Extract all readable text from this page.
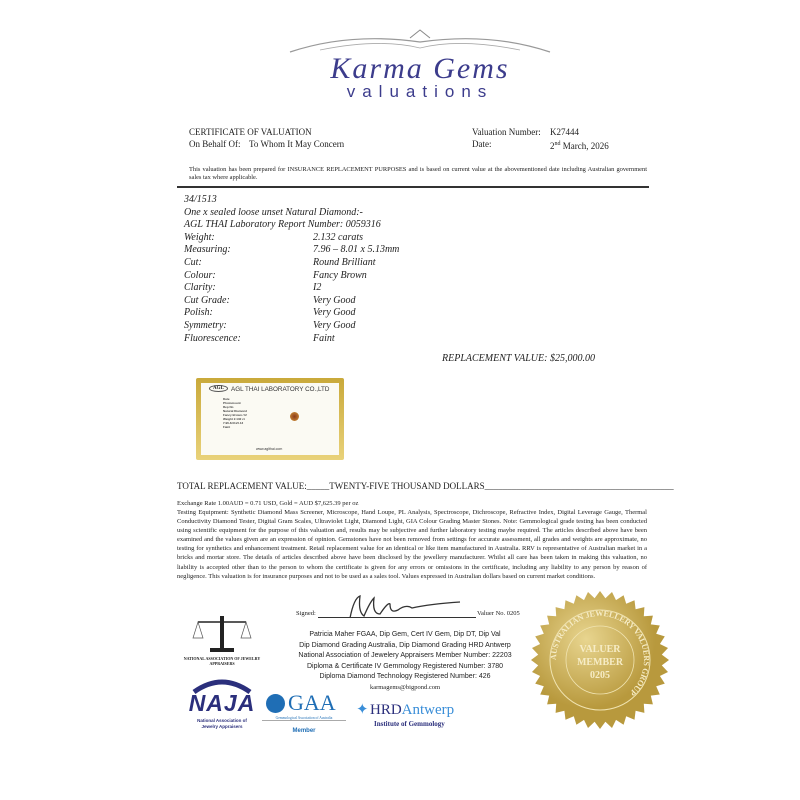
Karma Gems
valuations
CERTIFICATE OF VALUATION
On Behalf Of: To Whom It May Concern
Valuation Number: K27444
Date:	2nd March, 2026
This valuation has been prepared for INSURANCE REPLACEMENT PURPOSES and is based on current value at the abovementioned date including Australian government sales tax where applicable.
34/1513
One x sealed loose unset Natural Diamond:-
AGL THAI Laboratory Report Number: 0059316
Weight:	2.132 carats
Measuring:	7.96 – 8.01 x 5.13mm
Cut:	Round Brilliant
Colour:	Fancy Brown
Clarity:	I2
Cut Grade:	Very Good
Polish:	Very Good
Symmetry:	Very Good
Fluorescence:	Faint
REPLACEMENT VALUE: $25,000.00
AGL	AGL THAI LABORATORY CO.,LTD
Date
Photomount
Rep No
Natural Diamond
Fancy Brown / I2
Weight 2.132 ct
7.96-8.01x5.13
Faint
www.aglthai.com
TOTAL REPLACEMENT VALUE:_____TWENTY-FIVE THOUSAND DOLLARS__________________________________________
Exchange Rate 1.00AUD = 0.71 USD, Gold = AUD $7,625.39 per oz
Testing Equipment: Synthetic Diamond Mass Screener, Microscope, Hand Loupe, PL Analysis, Spectroscope, Dichroscope, Refractive Index, Digital Leverage Gauge, Thermal Conductivity Diamond Tester, Digital Gram Scales, Ultraviolet Light, Diamond Light, GIA Colour Grading Master Stones. Note: Gemmological grade testing has been conducted using scientific equipment for the purpose of this valuation and, results may be subjective and further laboratory testing maybe required. The articles described above have been examined and the values given are an expression of opinion. Gemstones have not been removed from settings for accurate assessment, all grades and weights are approximate, no testing for synthetics and enhancement treatment. Retail replacement value for an identical or like item manufactured in Australia. RRV is representative of Australian market in a bricks and mortar store. The details of articles described above have been disclosed by the jewellery manufacturer. Whilst all care has been taken in making this valuation, no liability is accepted other than to the person to whom the certificate is given for any errors or omissions in the certificate, including any liability to any person by reason of negligence. This valuation is for insurance purposes and not to be used as a sales tool. Values expressed in Australian dollars based on current market conditions.
Signed:	Valuer No. 0205
Patricia Maher FGAA, Dip Gem, Cert IV Gem, Dip DT, Dip Val
Dip Diamond Grading Australia, Dip Diamond Grading HRD Antwerp
National Association of Jewelery Appraisers Member Number: 22203
Diploma & Certificate IV Gemmology Registered Number: 3780
Diploma Diamond Technology Registered Number: 426
karmagems@bigpond.com
NATIONAL ASSOCIATION OF JEWELRY APPRAISERS
NAJA
National Association of Jewelry Appraisers
GAA
Gemmological Association of Australia
Member
✦ HRDAntwerp
Institute of Gemmology
AUSTRALIAN JEWELLERY VALUERS GROUP
VALUER
MEMBER
0205
